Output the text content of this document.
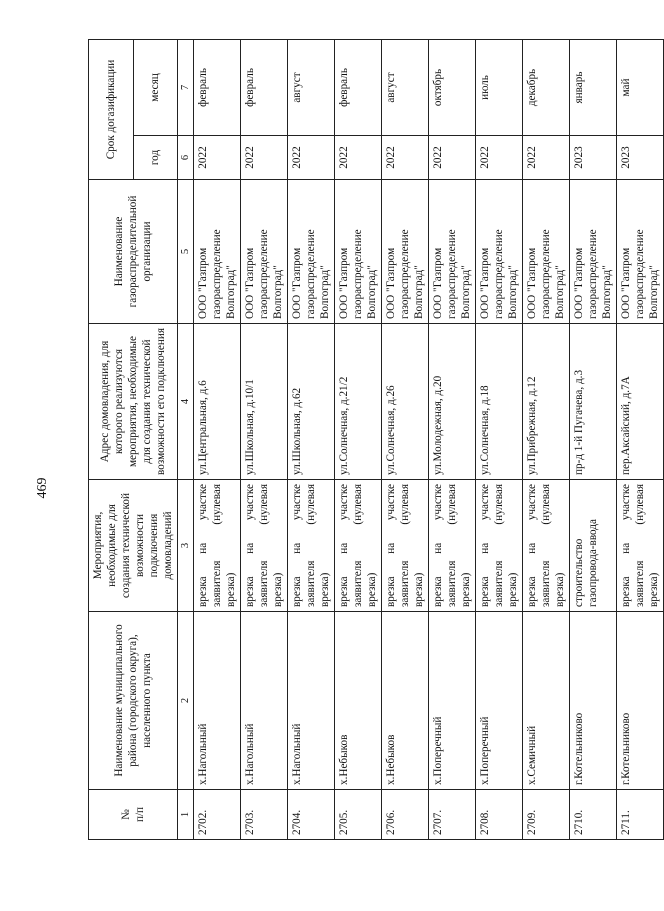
469
№
п/п	Наименование муниципального района (городского округа), населенного пункта	Мероприятия, необходимые для создания технической возможности подключения домовладений	Адрес домовладения, для которого реализуются мероприятия, необходимые для создания технической возможности его подключения	Наименование газораспределительной организации	Срок догазификации	
					год	месяц
1	2	3	4	5	6	7
2702.	х.Нагольный	врезка на участке заявителя (нулевая врезка)	ул.Центральная, д.6	ООО "Газпром газораспределение Волгоград"	2022	февраль
2703.	х.Нагольный	врезка на участке заявителя (нулевая врезка)	ул.Школьная, д.10/1	ООО "Газпром газораспределение Волгоград"	2022	февраль
2704.	х.Нагольный	врезка на участке заявителя (нулевая врезка)	ул.Школьная, д.62	ООО "Газпром газораспределение Волгоград"	2022	август
2705.	х.Небыков	врезка на участке заявителя (нулевая врезка)	ул.Солнечная, д.21/2	ООО "Газпром газораспределение Волгоград"	2022	февраль
2706.	х.Небыков	врезка на участке заявителя (нулевая врезка)	ул.Солнечная, д.26	ООО "Газпром газораспределение Волгоград"	2022	август
2707.	х.Поперечный	врезка на участке заявителя (нулевая врезка)	ул.Молодежная, д.20	ООО "Газпром газораспределение Волгоград"	2022	октябрь
2708.	х.Поперечный	врезка на участке заявителя (нулевая врезка)	ул.Солнечная, д.18	ООО "Газпром газораспределение Волгоград"	2022	июль
2709.	х.Семичный	врезка на участке заявителя (нулевая врезка)	ул.Прибрежная, д.12	ООО "Газпром газораспределение Волгоград"	2022	декабрь
2710.	г.Котельниково	строительство газопровода-ввода	пр-д 1-й Пугачева, д.3	ООО "Газпром газораспределение Волгоград"	2023	январь
2711.	г.Котельниково	врезка на участке заявителя (нулевая врезка)	пер.Аксайский, д.7А	ООО "Газпром газораспределение Волгоград"	2023	май
